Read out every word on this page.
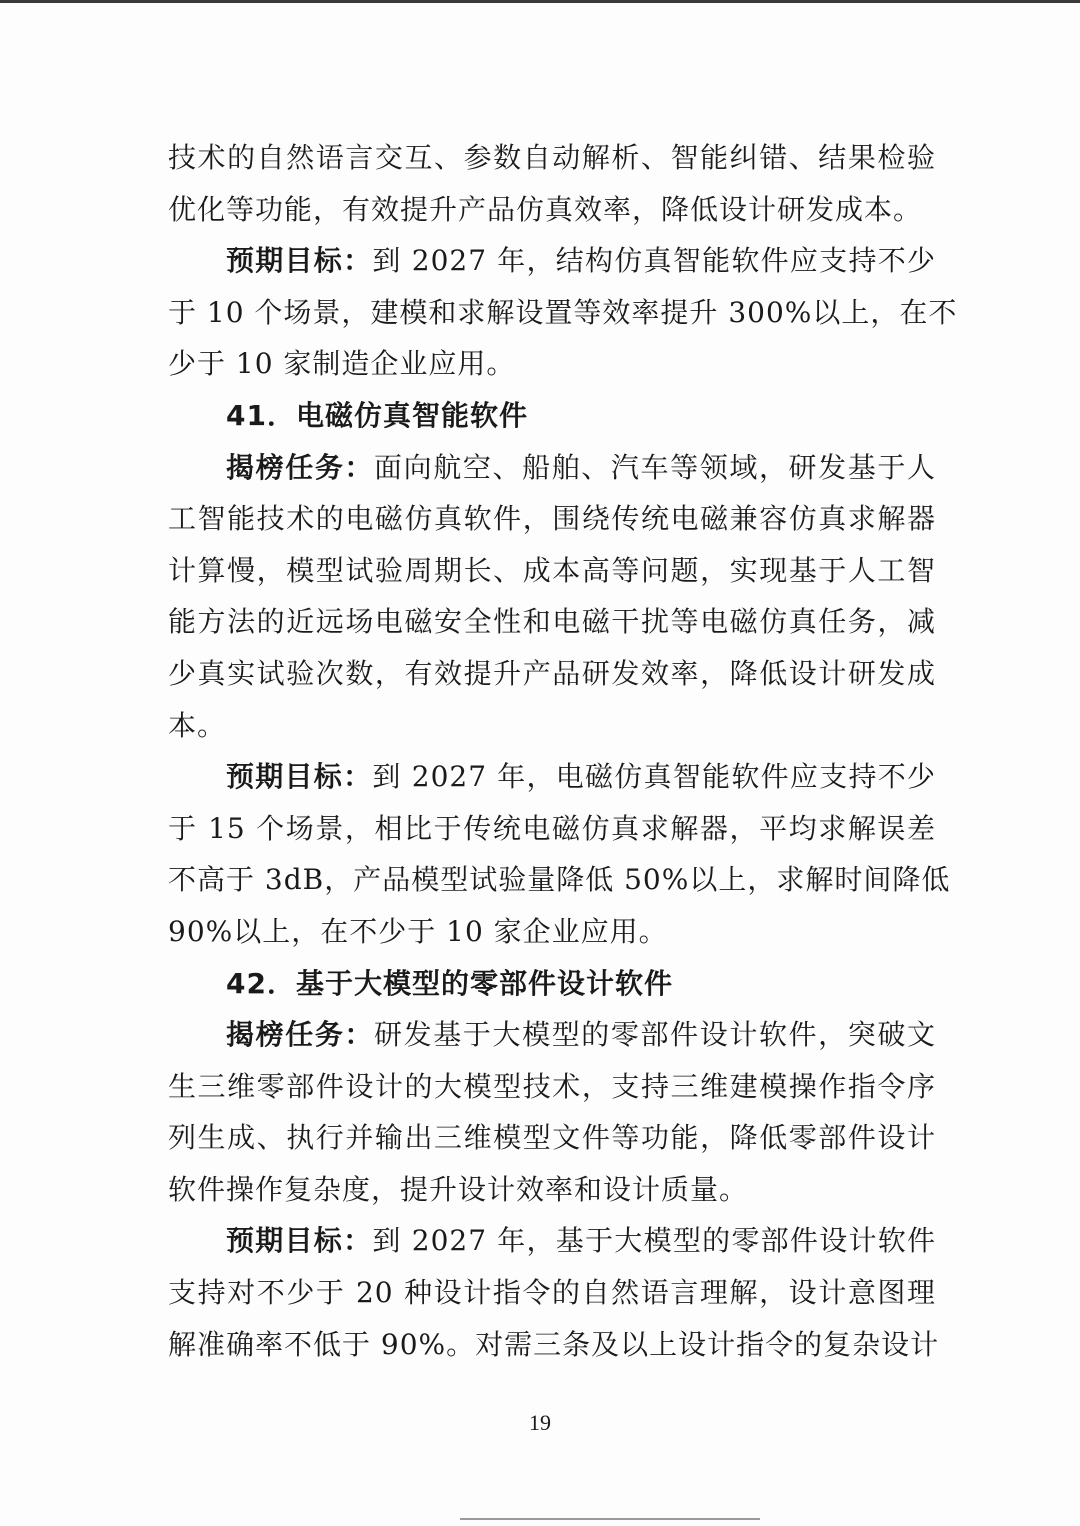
技术的自然语言交互、参数自动解析、智能纠错、结果检验
优化等功能，有效提升产品仿真效率，降低设计研发成本。
预期目标：到 2027 年，结构仿真智能软件应支持不少
于 10 个场景，建模和求解设置等效率提升 300%以上，在不
少于 10 家制造企业应用。
41．电磁仿真智能软件
揭榜任务：面向航空、船舶、汽车等领域，研发基于人
工智能技术的电磁仿真软件，围绕传统电磁兼容仿真求解器
计算慢，模型试验周期长、成本高等问题，实现基于人工智
能方法的近远场电磁安全性和电磁干扰等电磁仿真任务，减
少真实试验次数，有效提升产品研发效率，降低设计研发成
本。
预期目标：到 2027 年，电磁仿真智能软件应支持不少
于 15 个场景，相比于传统电磁仿真求解器，平均求解误差
不高于 3dB，产品模型试验量降低 50%以上，求解时间降低
90%以上，在不少于 10 家企业应用。
42．基于大模型的零部件设计软件
揭榜任务：研发基于大模型的零部件设计软件，突破文
生三维零部件设计的大模型技术，支持三维建模操作指令序
列生成、执行并输出三维模型文件等功能，降低零部件设计
软件操作复杂度，提升设计效率和设计质量。
预期目标：到 2027 年，基于大模型的零部件设计软件
支持对不少于 20 种设计指令的自然语言理解，设计意图理
解准确率不低于 90%。对需三条及以上设计指令的复杂设计
19
